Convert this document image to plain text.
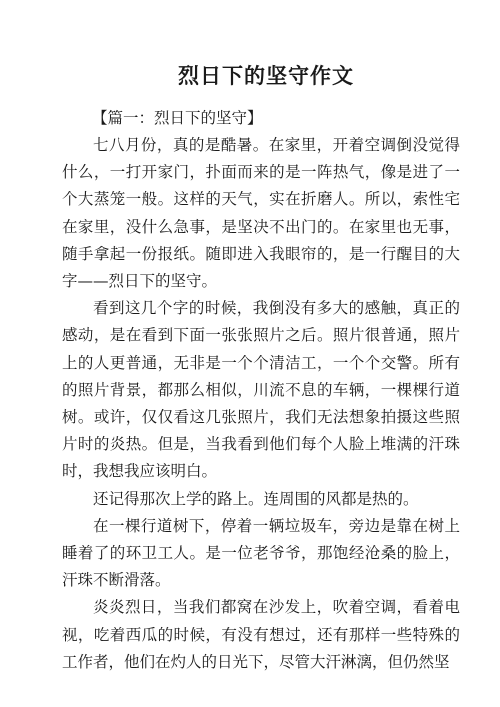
烈日下的坚守作文
【篇一：烈日下的坚守】

七八月份，真的是酷暑。在家里，开着空调倒没觉得什么，一打开家门，扑面而来的是一阵热气，像是进了一个大蒸笼一般。这样的天气，实在折磨人。所以，索性宅在家里，没什么急事，是坚决不出门的。在家里也无事，随手拿起一份报纸。随即进入我眼帘的，是一行醒目的大字——烈日下的坚守。

看到这几个字的时候，我倒没有多大的感触，真正的感动，是在看到下面一张张照片之后。照片很普通，照片上的人更普通，无非是一个个清洁工，一个个交警。所有的照片背景，都那么相似，川流不息的车辆，一棵棵行道树。或许，仅仅看这几张照片，我们无法想象拍摄这些照片时的炎热。但是，当我看到他们每个人脸上堆满的汗珠时，我想我应该明白。

还记得那次上学的路上。连周围的风都是热的。

在一棵行道树下，停着一辆垃圾车，旁边是靠在树上睡着了的环卫工人。是一位老爷爷，那饱经沧桑的脸上，汗珠不断滑落。

炎炎烈日，当我们都窝在沙发上，吹着空调，看着电视，吃着西瓜的时候，有没有想过，还有那样一些特殊的工作者，他们在灼人的日光下，尽管大汗淋漓，但仍然坚
